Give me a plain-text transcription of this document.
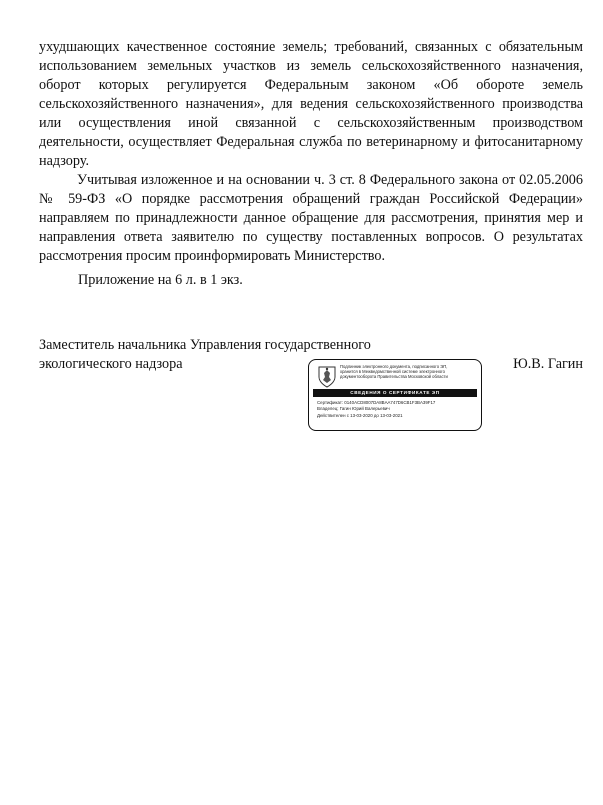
ухудшающих качественное состояние земель; требований, связанных с обязательным использованием земельных участков из земель сельскохозяйственного назначения, оборот которых регулируется Федеральным законом «Об обороте земель сельскохозяйственного назначения», для ведения сельскохозяйственного производства или осуществления иной связанной с сельскохозяйственным производством деятельности, осуществляет Федеральная служба по ветеринарному и фитосанитарному надзору.

Учитывая изложенное и на основании ч. 3 ст. 8 Федерального закона от 02.05.2006 № 59-ФЗ «О порядке рассмотрения обращений граждан Российской Федерации» направляем по принадлежности данное обращение для рассмотрения, принятия мер и направления ответа заявителю по существу поставленных вопросов. О результатах рассмотрения просим проинформировать Министерство.

Приложение на 6 л. в 1 экз.
Заместитель начальника Управления государственного
экологического надзора	Ю.В. Гагин
Подлинник электронного документа, подписанного ЭП,
хранится в Межведомственной системе электронного
документооборота Правительства Московской области
СВЕДЕНИЯ О СЕРТИФИКАТЕ ЭП
Сертификат: 0140ACD8007DA8BAA747D6CB1F3BA39F17
Владелец: Гагин Юрий Валерьевич
Действителен с 13-03-2020 до 13-03-2021
